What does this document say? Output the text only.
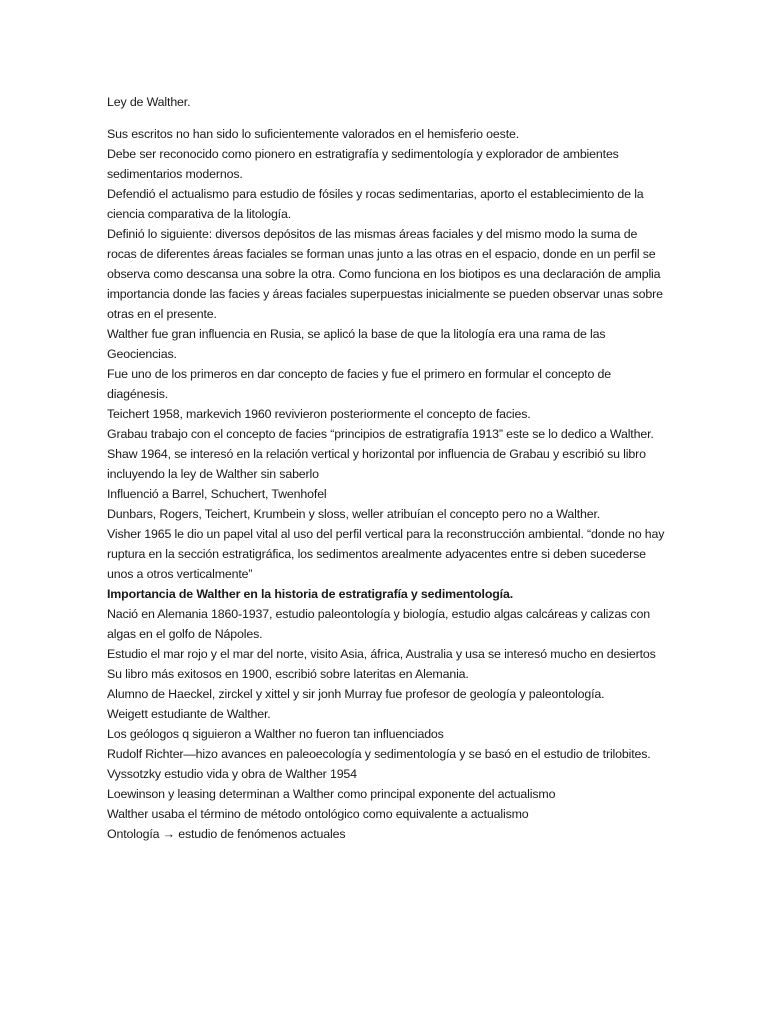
Ley de Walther.

Sus escritos no han sido lo suficientemente valorados en el hemisferio oeste.

Debe ser reconocido como pionero en estratigrafía y sedimentología y explorador de ambientes sedimentarios modernos.

Defendió el actualismo para estudio de fósiles y rocas sedimentarias, aporto el establecimiento de la ciencia comparativa de la litología.

Definió lo siguiente: diversos depósitos de las mismas áreas faciales y del mismo modo la suma de rocas de diferentes áreas faciales se forman unas junto a las otras en el espacio, donde en un perfil se observa como descansa una sobre la otra. Como funciona en los biotipos es una declaración de amplia importancia donde las facies y áreas faciales superpuestas inicialmente se pueden observar unas sobre otras en el presente.

Walther fue gran influencia en Rusia, se aplicó la base de que la litología era una rama de las Geociencias.

Fue uno de los primeros en dar concepto de facies y fue el primero en formular el concepto de diagénesis.

Teichert 1958, markevich 1960 revivieron posteriormente el concepto de facies.

Grabau trabajo con el concepto de facies “principios de estratigrafía 1913” este se lo dedico a Walther.

Shaw 1964, se interesó en la relación vertical y horizontal por influencia de Grabau y escribió su libro incluyendo la ley de Walther sin saberlo

Influenció a Barrel, Schuchert, Twenhofel

Dunbars, Rogers, Teichert, Krumbein y sloss, weller atribuían el concepto pero no a Walther.

Visher 1965 le dio un papel vital al uso del perfil vertical para la reconstrucción ambiental. “donde no hay ruptura en la sección estratigráfica, los sedimentos arealmente adyacentes entre si deben sucederse unos a otros verticalmente”

Importancia de Walther en la historia de estratigrafía y sedimentología.

Nació en Alemania 1860-1937, estudio paleontología y biología, estudio algas calcáreas y calizas con algas en el golfo de Nápoles.

Estudio el mar rojo y el mar del norte, visito Asia, áfrica, Australia y usa se interesó mucho en desiertos

Su libro más exitosos en 1900, escribió sobre lateritas en Alemania.

Alumno de Haeckel, zirckel y xittel y sir jonh Murray fue profesor de geología y paleontología.

Weigett estudiante de Walther.

Los geólogos q siguieron a Walther no fueron tan influenciados

Rudolf Richter—hizo avances en paleoecología y sedimentología y se basó en el estudio de trilobites.

Vyssotzky estudio vida y obra de Walther 1954

Loewinson y leasing determinan a Walther como principal exponente del actualismo

Walther usaba el término de método ontológico como equivalente a actualismo

Ontología → estudio de fenómenos actuales
